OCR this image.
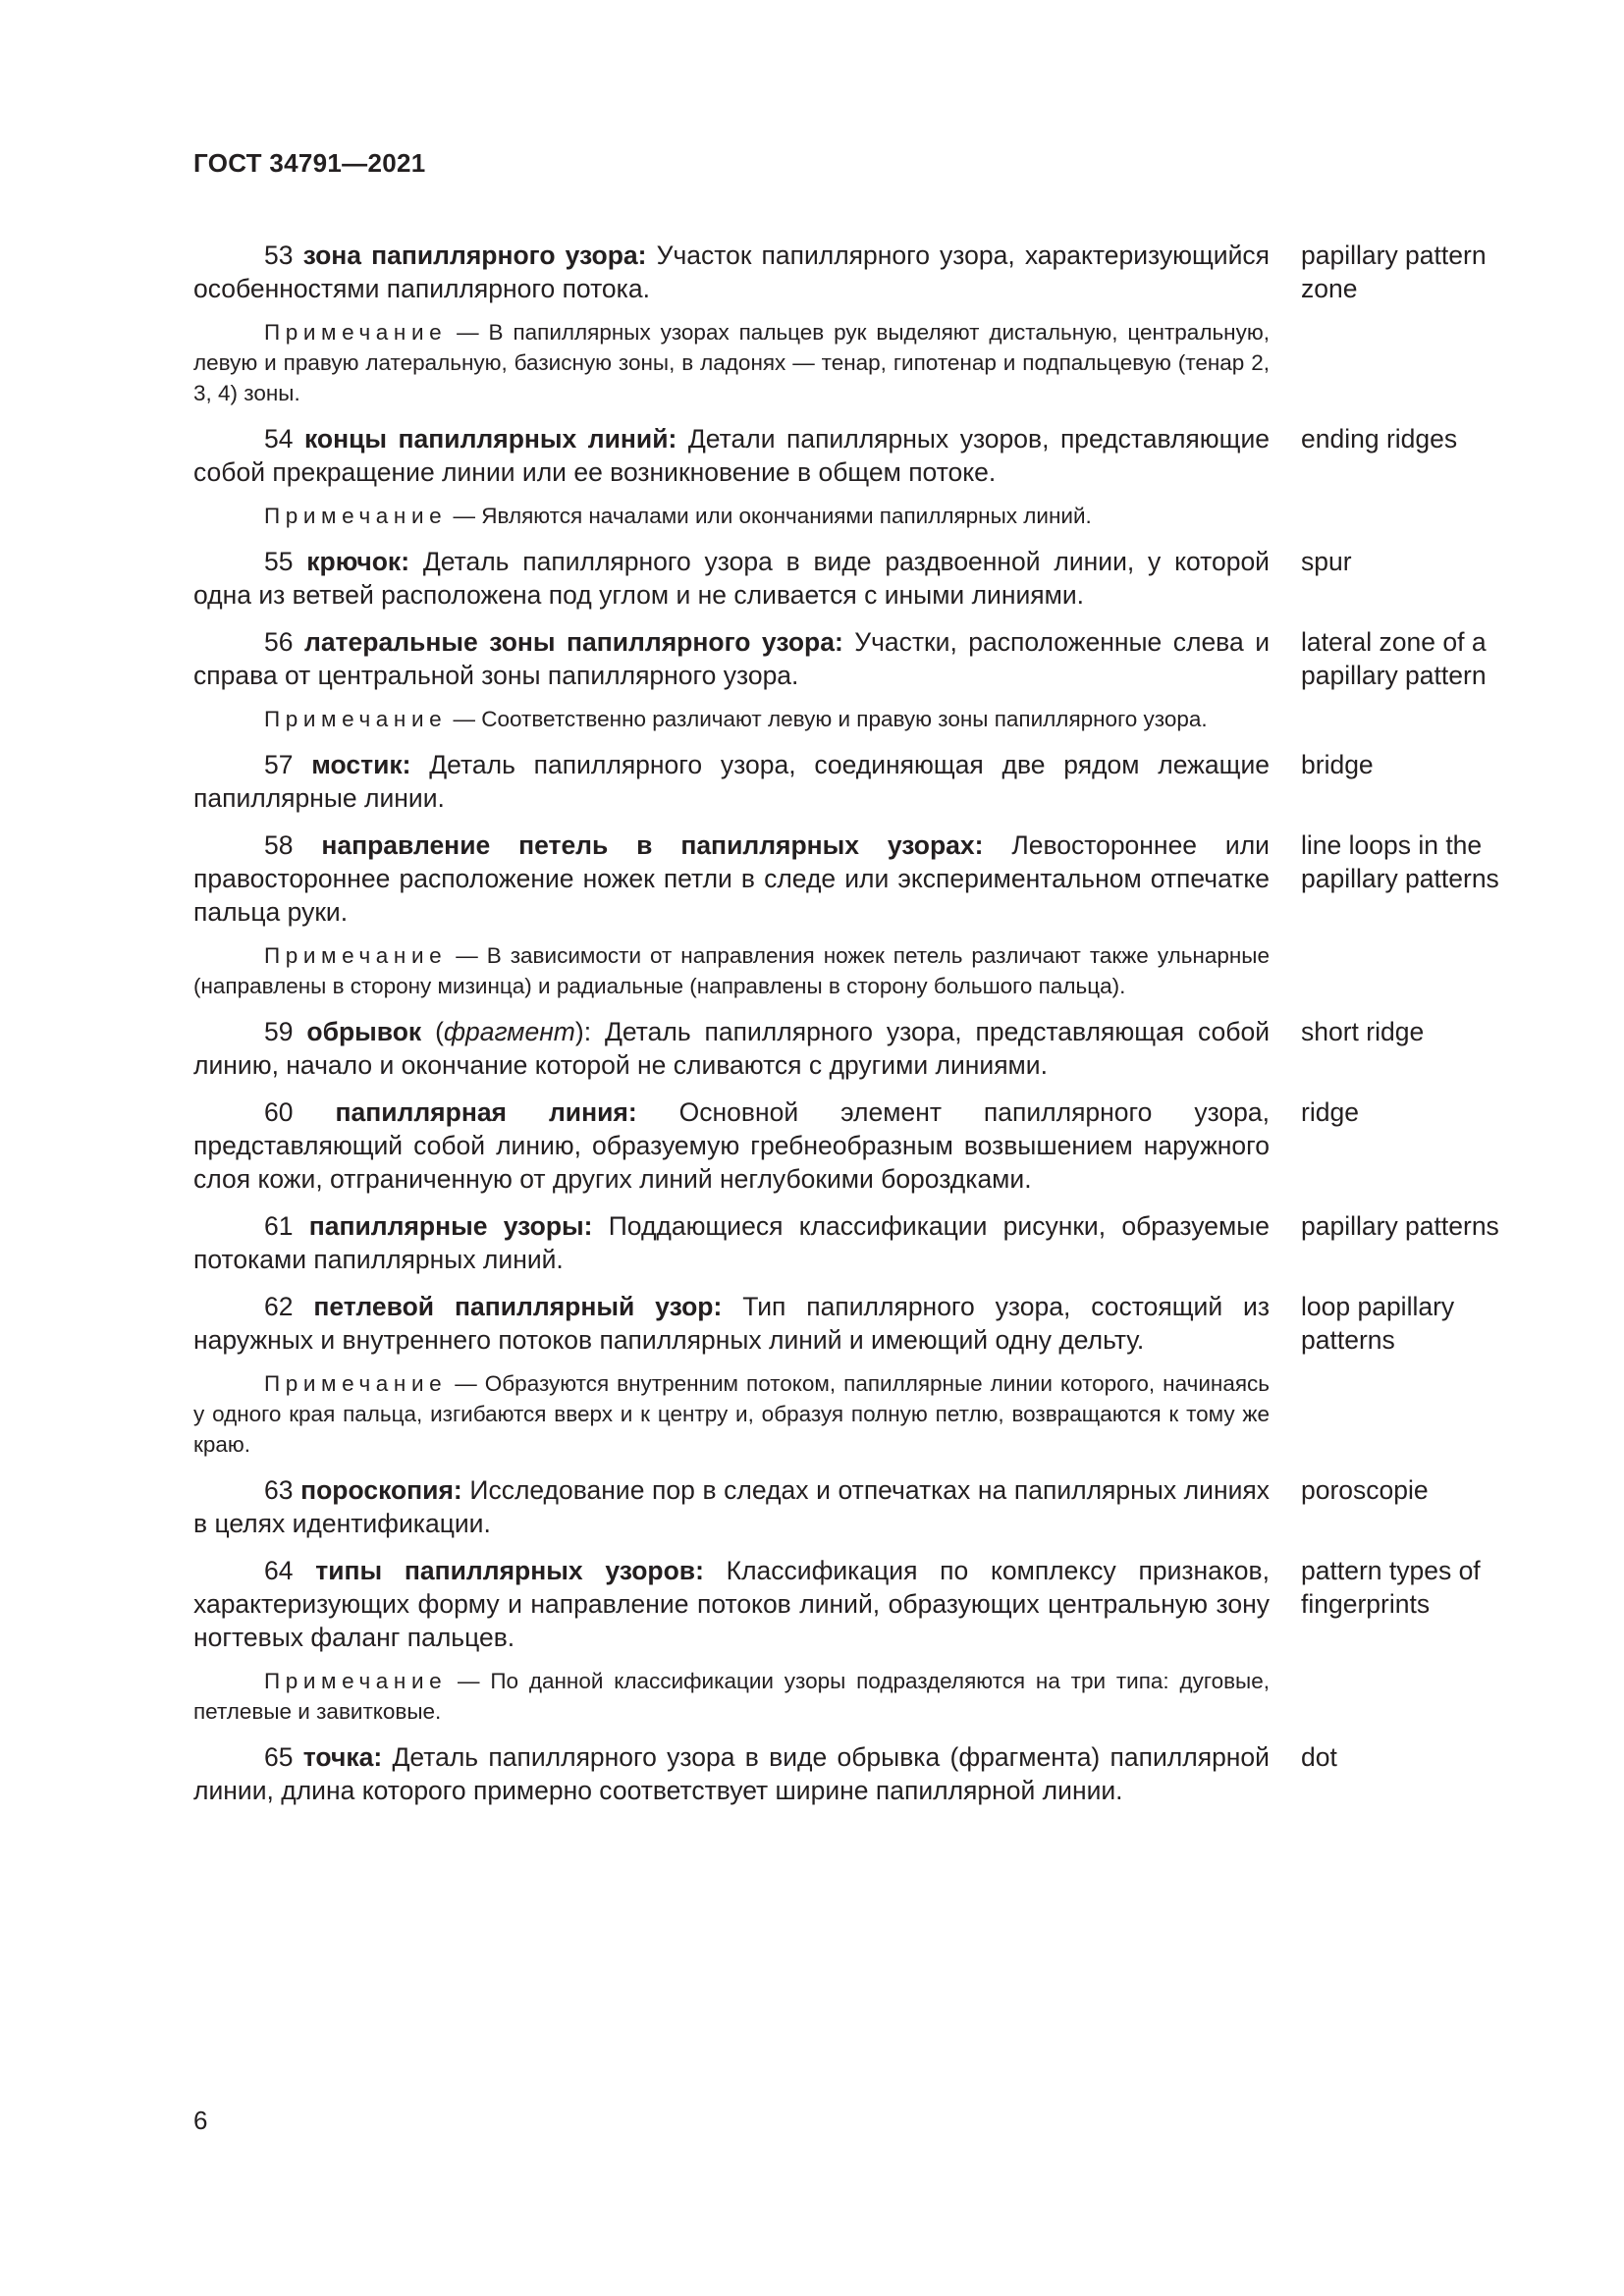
ГОСТ 34791—2021
53 зона папиллярного узора: Участок папиллярного узора, характеризующийся особенностями папиллярного потока.
papillary pattern zone
Примечание — В папиллярных узорах пальцев рук выделяют дистальную, центральную, левую и правую латеральную, базисную зоны, в ладонях — тенар, гипотенар и подпальцевую (тенар 2, 3, 4) зоны.
54 концы папиллярных линий: Детали папиллярных узоров, представляющие собой прекращение линии или ее возникновение в общем потоке.
ending ridges
Примечание — Являются началами или окончаниями папиллярных линий.
55 крючок: Деталь папиллярного узора в виде раздвоенной линии, у которой одна из ветвей расположена под углом и не сливается с иными линиями.
spur
56 латеральные зоны папиллярного узора: Участки, расположенные слева и справа от центральной зоны папиллярного узора.
lateral zone of a papillary pattern
Примечание — Соответственно различают левую и правую зоны папиллярного узора.
57 мостик: Деталь папиллярного узора, соединяющая две рядом лежащие папиллярные линии.
bridge
58 направление петель в папиллярных узорах: Левостороннее или правостороннее расположение ножек петли в следе или экспериментальном отпечатке пальца руки.
line loops in the papillary patterns
Примечание — В зависимости от направления ножек петель различают также ульнарные (направлены в сторону мизинца) и радиальные (направлены в сторону большого пальца).
59 обрывок (фрагмент): Деталь папиллярного узора, представляющая собой линию, начало и окончание которой не сливаются с другими линиями.
short ridge
60 папиллярная линия: Основной элемент папиллярного узора, представляющий собой линию, образуемую гребнеобразным возвышением наружного слоя кожи, отграниченную от других линий неглубокими бороздками.
ridge
61 папиллярные узоры: Поддающиеся классификации рисунки, образуемые потоками папиллярных линий.
papillary patterns
62 петлевой папиллярный узор: Тип папиллярного узора, состоящий из наружных и внутреннего потоков папиллярных линий и имеющий одну дельту.
loop papillary patterns
Примечание — Образуются внутренним потоком, папиллярные линии которого, начинаясь у одного края пальца, изгибаются вверх и к центру и, образуя полную петлю, возвращаются к тому же краю.
63 пороскопия: Исследование пор в следах и отпечатках на папиллярных линиях в целях идентификации.
poroscopie
64 типы папиллярных узоров: Классификация по комплексу признаков, характеризующих форму и направление потоков линий, образующих центральную зону ногтевых фаланг пальцев.
pattern types of fingerprints
Примечание — По данной классификации узоры подразделяются на три типа: дуговые, петлевые и завитковые.
65 точка: Деталь папиллярного узора в виде обрывка (фрагмента) папиллярной линии, длина которого примерно соответствует ширине папиллярной линии.
dot
6
